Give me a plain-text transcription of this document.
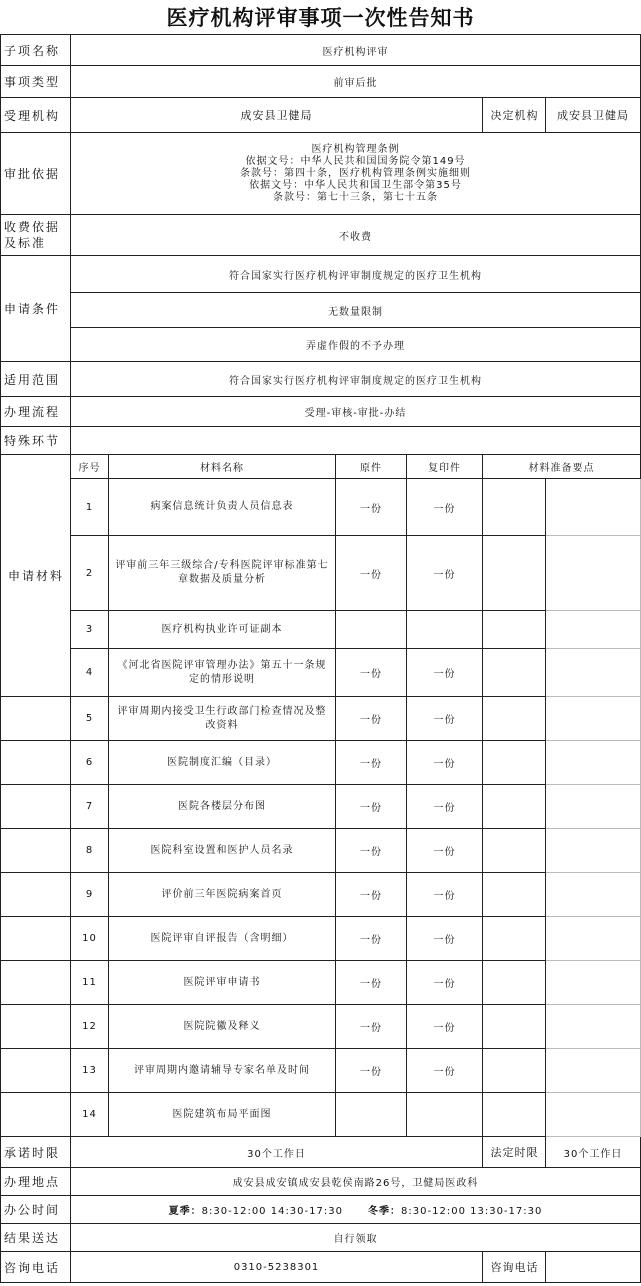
医疗机构评审事项一次性告知书
子项名称	医疗机构评审					
事项类型	前审后批					
受理机构	成安县卫健局				决定机构	成安县卫健局
审批依据	医疗机构管理条例
依据文号：中华人民共和国国务院令第149号
条款号：第四十条，医疗机构管理条例实施细则
依据文号：中华人民共和国卫生部令第35号
条款号：第七十三条，第七十五条					

收费依据及标准	不收费					
申请条件	符合国家实行医疗机构评审制度规定的医疗卫生机构					
	无数量限制					
	弄虚作假的不予办理					
适用范围	符合国家实行医疗机构评审制度规定的医疗卫生机构					
办理流程	受理-审核-审批-办结					
特殊环节						
申请材料	序号	材料名称	原件	复印件	材料准备要点	
	1	病案信息统计负责人员信息表	一份	一份		
	2	评审前三年三级综合/专科医院评审标准第七章数据及质量分析	一份	一份		
	3	医疗机构执业许可证副本				
	4	《河北省医院评审管理办法》第五十一条规定的情形说明	一份	一份		
	5	评审周期内接受卫生行政部门检查情况及整改资料	一份	一份		
	6	医院制度汇编（目录）	一份	一份		
	7	医院各楼层分布图	一份	一份		
	8	医院科室设置和医护人员名录	一份	一份		
	9	评价前三年医院病案首页	一份	一份		
	10	医院评审自评报告（含明细）	一份	一份		
	11	医院评审申请书	一份	一份		
	12	医院院徽及释义	一份	一份		
	13	评审周期内邀请辅导专家名单及时间	一份	一份		
	14	医院建筑布局平面图				
承诺时限	30个工作日				法定时限	30个工作日
办理地点	成安县成安镇成安县乾侯南路26号，卫健局医政科					
办公时间	夏季：8:30-12:00 14:30-17:30 冬季：8:30-12:00 13:30-17:30					
结果送达	自行领取					
咨询电话	0310-5238301				咨询电话	
